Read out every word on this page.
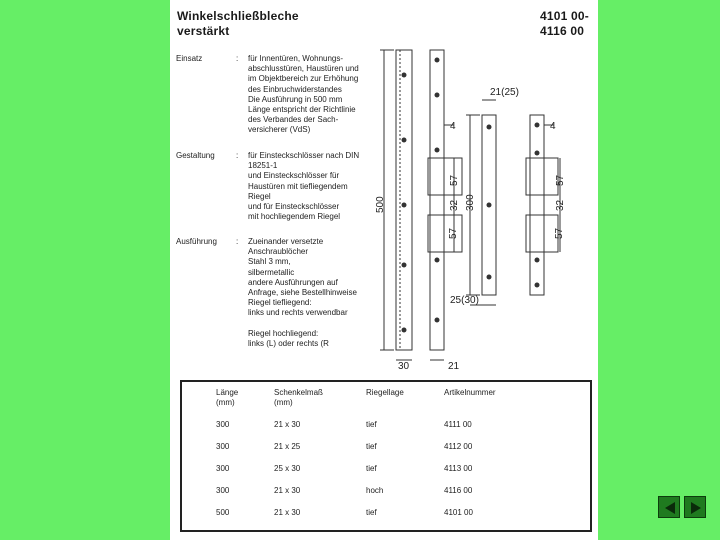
Winkelschließbleche
verstärkt
4101 00-
4116 00
Einsatz	: für Innentüren, Wohnungs-
abschlusstüren, Haustüren und
im Objektbereich zur Erhöhung
des Einbruchwiderstandes
Die Ausführung in 500 mm
Länge entspricht der Richtlinie
des Verbandes der Sach-
versicherer (VdS)
Gestaltung	: für Einsteckschlösser nach DIN
18251-1
und Einsteckschlösser für
Haustüren mit tiefliegendem
Riegel
und für Einsteckschlösser
mit hochliegendem Riegel
Ausführung : Zueinander versetzte
Anschraublöcher
Stahl 3 mm,
silbermetallic
andere Ausführungen auf
Anfrage, siehe Bestellhinweise
Riegel tiefliegend:
links und rechts verwendbar

Riegel hochliegend:
links (L) oder rechts (R
500	300
57
32
57
57
32
57
4	4
21(25)
25(30)
30	21
Länge
(mm)
Schenkelmaß
(mm)
Riegellage	Artikelnummer
300	21 x 30	tief	4111 00
300	21 x 25	tief	4112 00
300	25 x 30	tief	4113 00
300	21 x 30	hoch	4116 00
500	21 x 30	tief	4101 00
